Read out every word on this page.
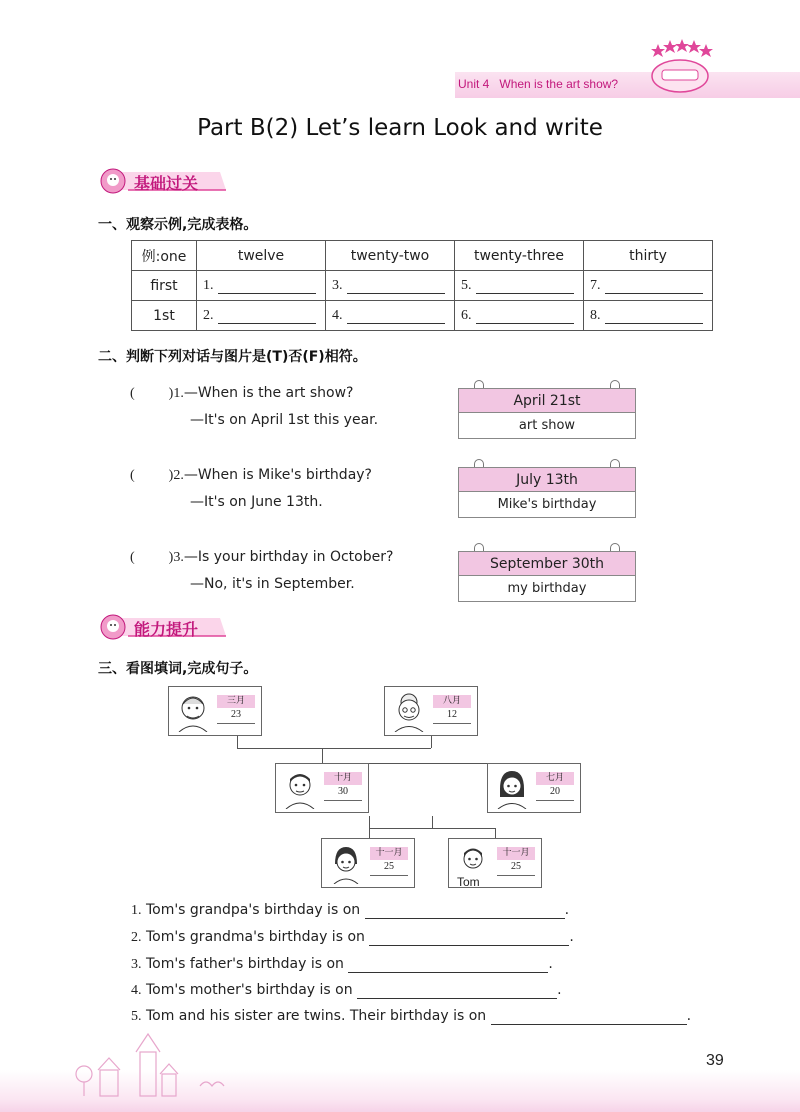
Unit 4 When is the art show?
Part B(2) Let’s learn Look and write
基础过关
一、观察示例,完成表格。
例:one	twelve	twenty-two	twenty-three	thirty
first	1.	3.	5.	7.
1st	2.	4.	6.	8.
二、判断下列对话与图片是(T)否(F)相符。
( )1.—When is the art show?
—It's on April 1st this year.
April 21st
art show
( )2.—When is Mike's birthday?
—It's on June 13th.
July 13th
Mike's birthday
( )3.—Is your birthday in October?
—No, it's in September.
September 30th
my birthday
能力提升
三、看图填词,完成句子。
三月
23
八月
12
十月
30
七月
20
十一月
25
Tom
十一月
25
1. Tom's grandpa's birthday is on	.
2. Tom's grandma's birthday is on	.
3. Tom's father's birthday is on	.
4. Tom's mother's birthday is on	.
5. Tom and his sister are twins. Their birthday is on	.
39
